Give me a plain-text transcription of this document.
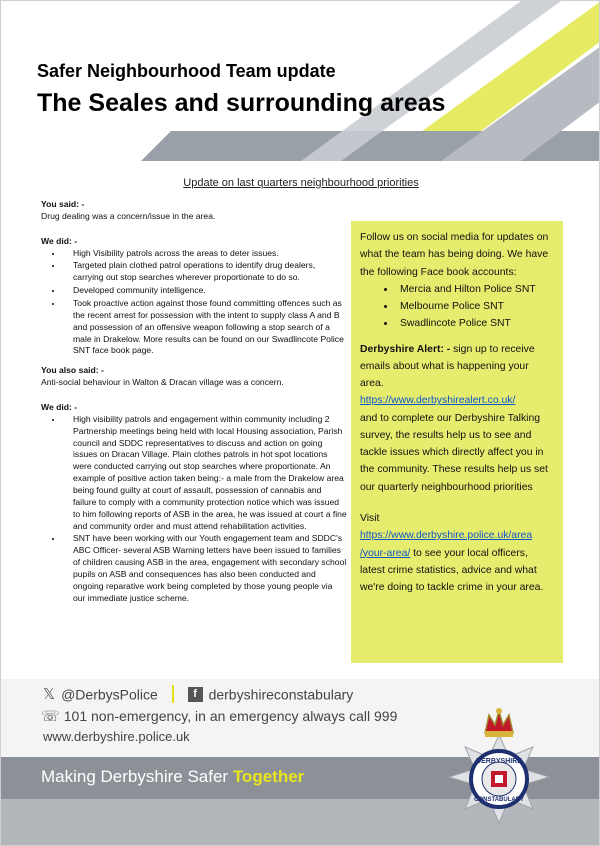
Safer Neighbourhood Team update
The Seales and surrounding areas
Update on last quarters neighbourhood priorities

You said: -

Drug dealing was a concern/issue in the area.

We did: -

• High Visibility patrols across the areas to deter issues.
• Targeted plain clothed patrol operations to identify drug dealers, carrying out stop searches wherever proportionate to do so.
• Developed community intelligence.
• Took proactive action against those found committing offences such as the recent arrest for possession with the intent to supply class A and B and possession of an offensive weapon following a stop search of a male in Drakelow. More results can be found on our Swadlincote Police SNT face book page.

You also said: -

Anti-social behaviour in Walton & Dracan village was a concern.

We did: -

• High visibility patrols and engagement within community including 2 Partnership meetings being held with local Housing association, Parish council and SDDC representatives to discuss and action on going issues on Dracan Village. Plain clothes patrols in hot spot locations were conducted carrying out stop searches where proportionate. An example of positive action taken being:- a male from the Drakelow area being found guilty at court of assault, possession of cannabis and failure to comply with a community protection notice which was issued to him following reports of ASB in the area, he was issued at court a fine and community order and must attend rehabilitation activities.
• SNT have been working with our Youth engagement team and SDDC's ABC Officer- several ASB Warning letters have been issued to families of children causing ASB in the area, engagement with secondary school pupils on ASB and consequences has also been conducted and ongoing reparative work being completed by those young people via our immediate justice scheme.

Follow us on social media for updates on what the team has being doing. We have the following Face book accounts:

• Mercia and Hilton Police SNT
• Melbourne Police SNT
• Swadlincote Police SNT

Derbyshire Alert: - sign up to receive emails about what is happening your area.

https://www.derbyshirealert.co.uk/

and to complete our Derbyshire Talking survey, the results help us to see and tackle issues which directly affect you in the community. These results help us set our quarterly neighbourhood priorities

Visit

https://www.derbyshire.police.uk/area
/your-area/ to see your local officers, latest crime statistics, advice and what we're doing to tackle crime in your area.

𝕏 @DerbysPolice	f derbyshireconstabulary
☏ 101 non-emergency, in an emergency always call 999
www.derbyshire.police.uk
Making Derbyshire Safer Together
DERBYSHIRE
CONSTABULARY
